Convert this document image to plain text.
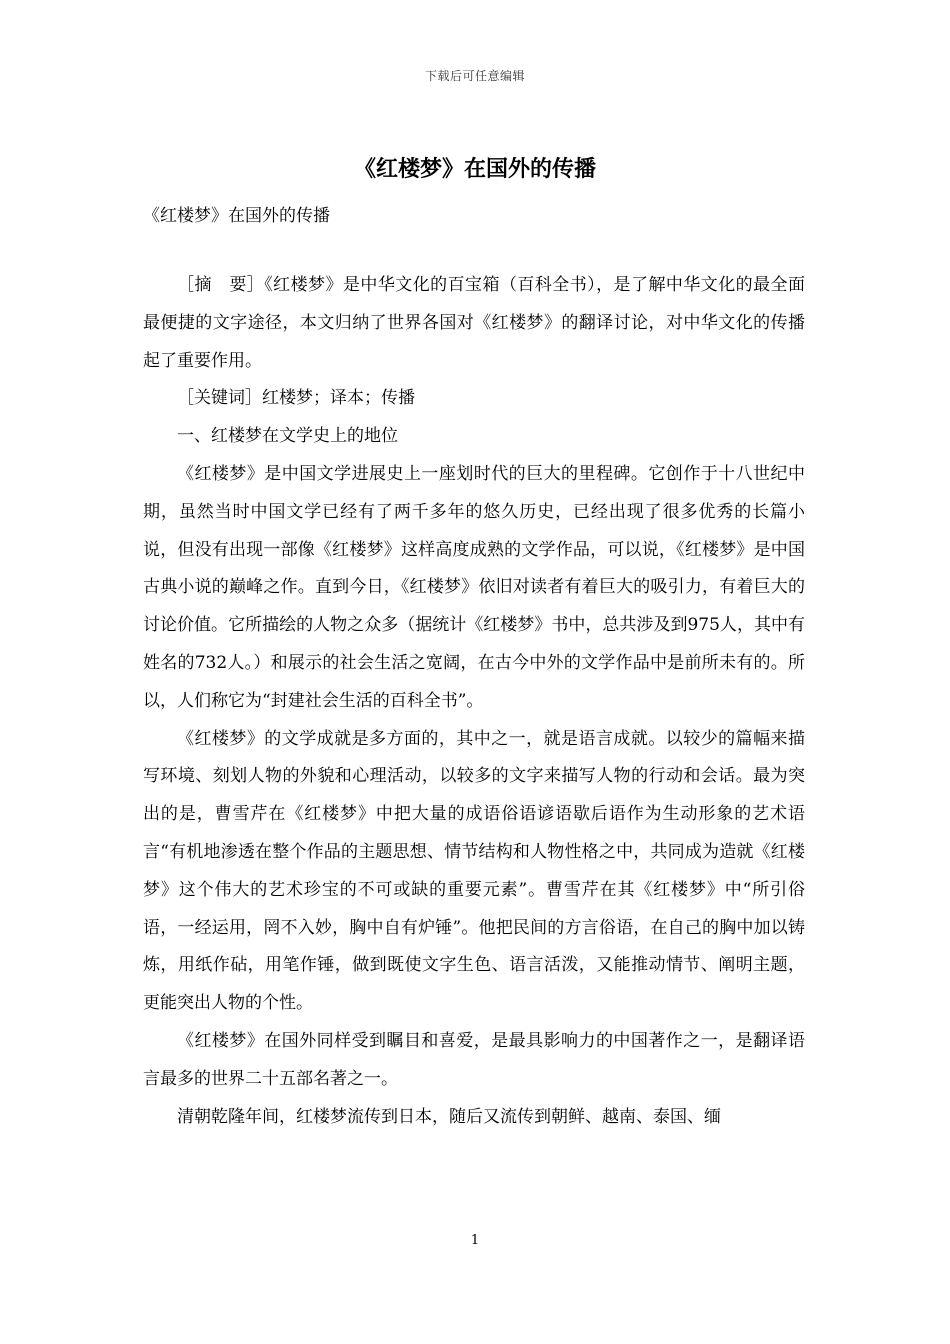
下载后可任意编辑
《红楼梦》在国外的传播
《红楼梦》在国外的传播

［摘　要］《红楼梦》是中华文化的百宝箱（百科全书），是了解中华文化的最全面最便捷的文字途径，本文归纳了世界各国对《红楼梦》的翻译讨论，对中华文化的传播起了重要作用。

［关键词］红楼梦；译本；传播

一、红楼梦在文学史上的地位

《红楼梦》是中国文学进展史上一座划时代的巨大的里程碑。它创作于十八世纪中期，虽然当时中国文学已经有了两千多年的悠久历史，已经出现了很多优秀的长篇小说，但没有出现一部像《红楼梦》这样高度成熟的文学作品，可以说，《红楼梦》是中国古典小说的巅峰之作。直到今日，《红楼梦》依旧对读者有着巨大的吸引力，有着巨大的讨论价值。它所描绘的人物之众多（据统计《红楼梦》书中，总共涉及到975人，其中有姓名的732人。）和展示的社会生活之宽阔，在古今中外的文学作品中是前所未有的。所以，人们称它为“封建社会生活的百科全书”。

《红楼梦》的文学成就是多方面的，其中之一，就是语言成就。以较少的篇幅来描写环境、刻划人物的外貌和心理活动，以较多的文字来描写人物的行动和会话。最为突出的是，曹雪芹在《红楼梦》中把大量的成语俗语谚语歇后语作为生动形象的艺术语言“有机地渗透在整个作品的主题思想、情节结构和人物性格之中，共同成为造就《红楼梦》这个伟大的艺术珍宝的不可或缺的重要元素”。曹雪芹在其《红楼梦》中“所引俗语，一经运用，罔不入妙，胸中自有炉锤”。他把民间的方言俗语，在自己的胸中加以铸炼，用纸作砧，用笔作锤，做到既使文字生色、语言活泼，又能推动情节、阐明主题，更能突出人物的个性。

《红楼梦》在国外同样受到瞩目和喜爱，是最具影响力的中国著作之一，是翻译语言最多的世界二十五部名著之一。

清朝乾隆年间，红楼梦流传到日本，随后又流传到朝鲜、越南、泰国、缅

1
